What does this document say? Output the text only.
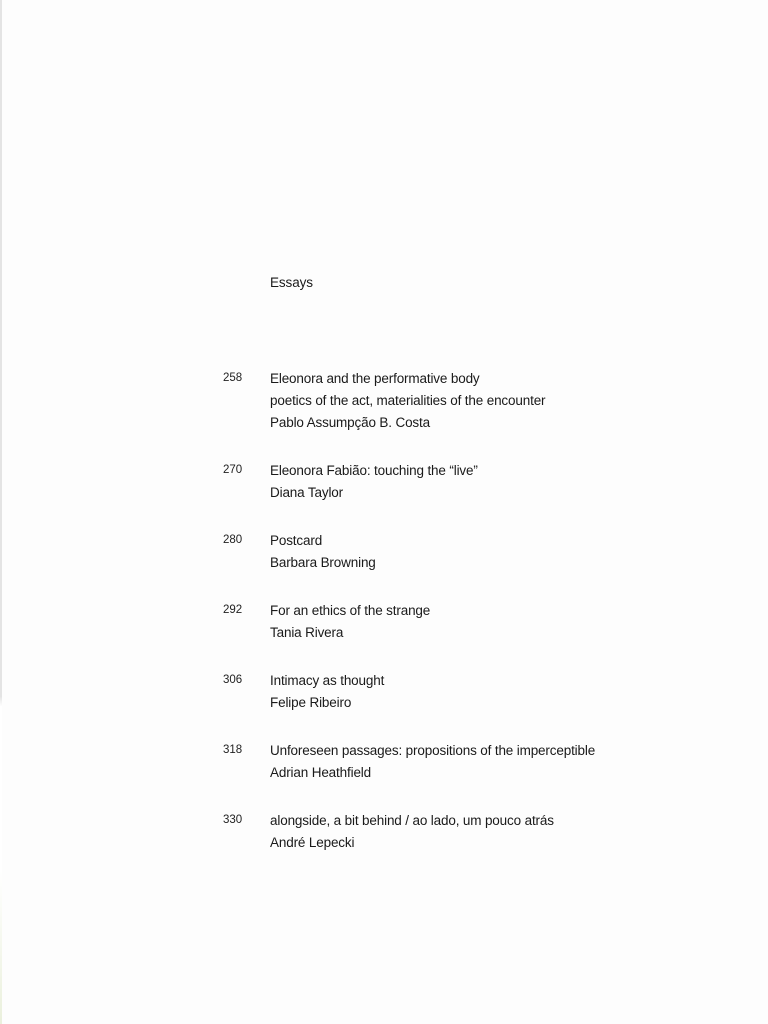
Essays
258 Eleonora and the performative body
poetics of the act, materialities of the encounter
Pablo Assumpção B. Costa
270 Eleonora Fabião: touching the “live”
Diana Taylor
280 Postcard
Barbara Browning
292 For an ethics of the strange
Tania Rivera
306 Intimacy as thought
Felipe Ribeiro
318 Unforeseen passages: propositions of the imperceptible
Adrian Heathfield
330 alongside, a bit behind / ao lado, um pouco atrás
André Lepecki
